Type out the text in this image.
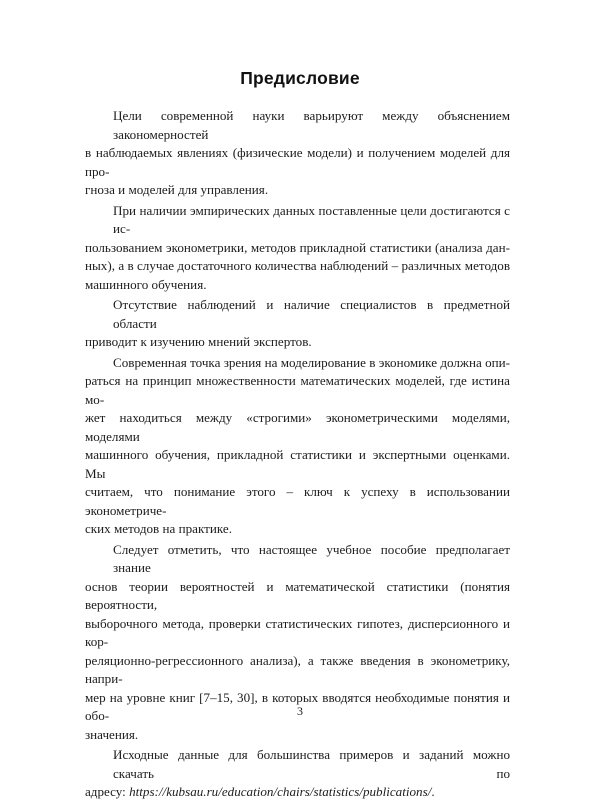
Предисловие
Цели современной науки варьируют между объяснением закономерностей
в наблюдаемых явлениях (физические модели) и получением моделей для про-
гноза и моделей для управления.
При наличии эмпирических данных поставленные цели достигаются с ис-
пользованием эконометрики, методов прикладной статистики (анализа дан-
ных), а в случае достаточного количества наблюдений – различных методов
машинного обучения.
Отсутствие наблюдений и наличие специалистов в предметной области
приводит к изучению мнений экспертов.
Современная точка зрения на моделирование в экономике должна опи-
раться на принцип множественности математических моделей, где истина мо-
жет находиться между «строгими» эконометрическими моделями, моделями
машинного обучения, прикладной статистики и экспертными оценками. Мы
считаем, что понимание этого – ключ к успеху в использовании эконометриче-
ских методов на практике.
Следует отметить, что настоящее учебное пособие предполагает знание
основ теории вероятностей и математической статистики (понятия вероятности,
выборочного метода, проверки статистических гипотез, дисперсионного и кор-
реляционно-регрессионного анализа), а также введения в эконометрику, напри-
мер на уровне книг [7–15, 30], в которых вводятся необходимые понятия и обо-
значения.
Исходные данные для большинства примеров и заданий можно скачать по
адресу: https://kubsau.ru/education/chairs/statistics/publications/.
3
